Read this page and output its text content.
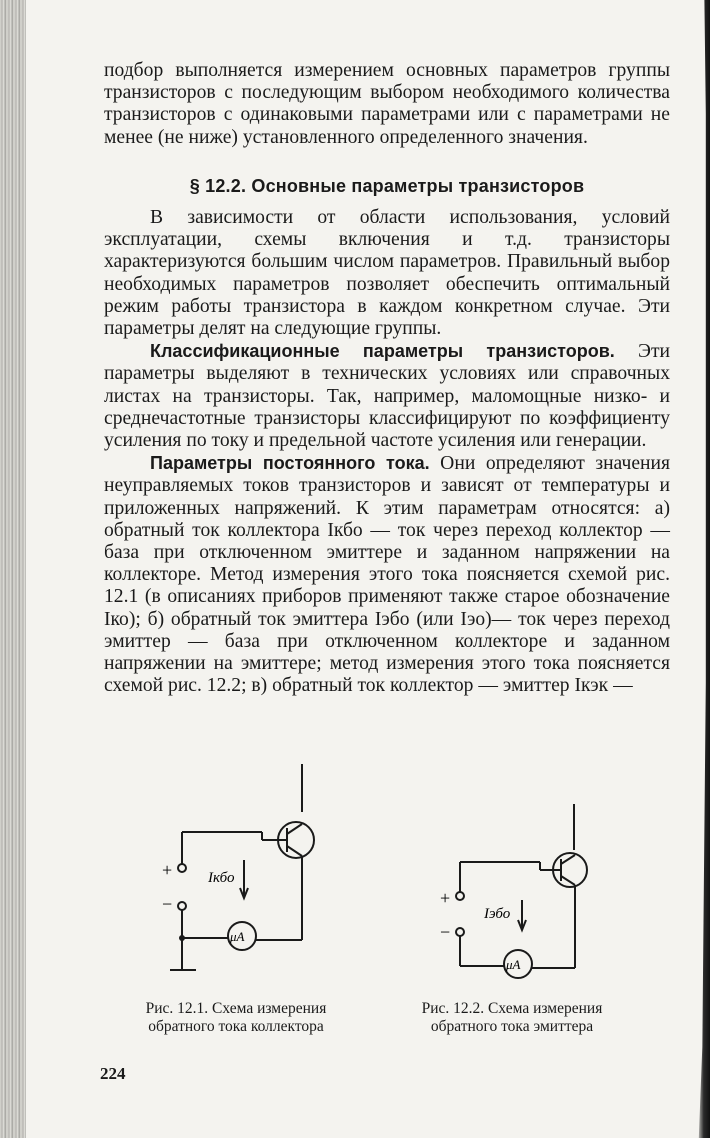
подбор выполняется измерением основных параметров группы транзисторов с последующим выбором необходимого количества транзисторов с одинаковыми параметрами или с параметрами не менее (не ниже) установленного определенного значения.

§ 12.2. Основные параметры транзисторов

В зависимости от области использования, условий эксплуатации, схемы включения и т.д. транзисторы характеризуются большим числом параметров. Правильный выбор необходимых параметров позволяет обеспечить оптимальный режим работы транзистора в каждом конкретном случае. Эти параметры делят на следующие группы.

Классификационные параметры транзисторов. Эти параметры выделяют в технических условиях или справочных листах на транзисторы. Так, например, маломощные низко- и среднечастотные транзисторы классифицируют по коэффициенту усиления по току и предельной частоте усиления или генерации.

Параметры постоянного тока. Они определяют значения неуправляемых токов транзисторов и зависят от температуры и приложенных напряжений. К этим параметрам относятся: а) обратный ток коллектора Iкбо — ток через переход коллектор — база при отключенном эмиттере и заданном напряжении на коллекторе. Метод измерения этого тока поясняется схемой рис. 12.1 (в описаниях приборов применяют также старое обозначение Iко); б) обратный ток эмиттера Iэбо (или Iэо)— ток через переход эмиттер — база при отключенном коллекторе и заданном напряжении на эмиттере; метод измерения этого тока поясняется схемой рис. 12.2; в) обратный ток коллектор — эмиттер Iкэк —

+
−
Iкбо
μA
+
−
Iэбо
μA
Рис. 12.1. Схема измерения обратного тока коллектора
Рис. 12.2. Схема измерения обратного тока эмиттера
224
